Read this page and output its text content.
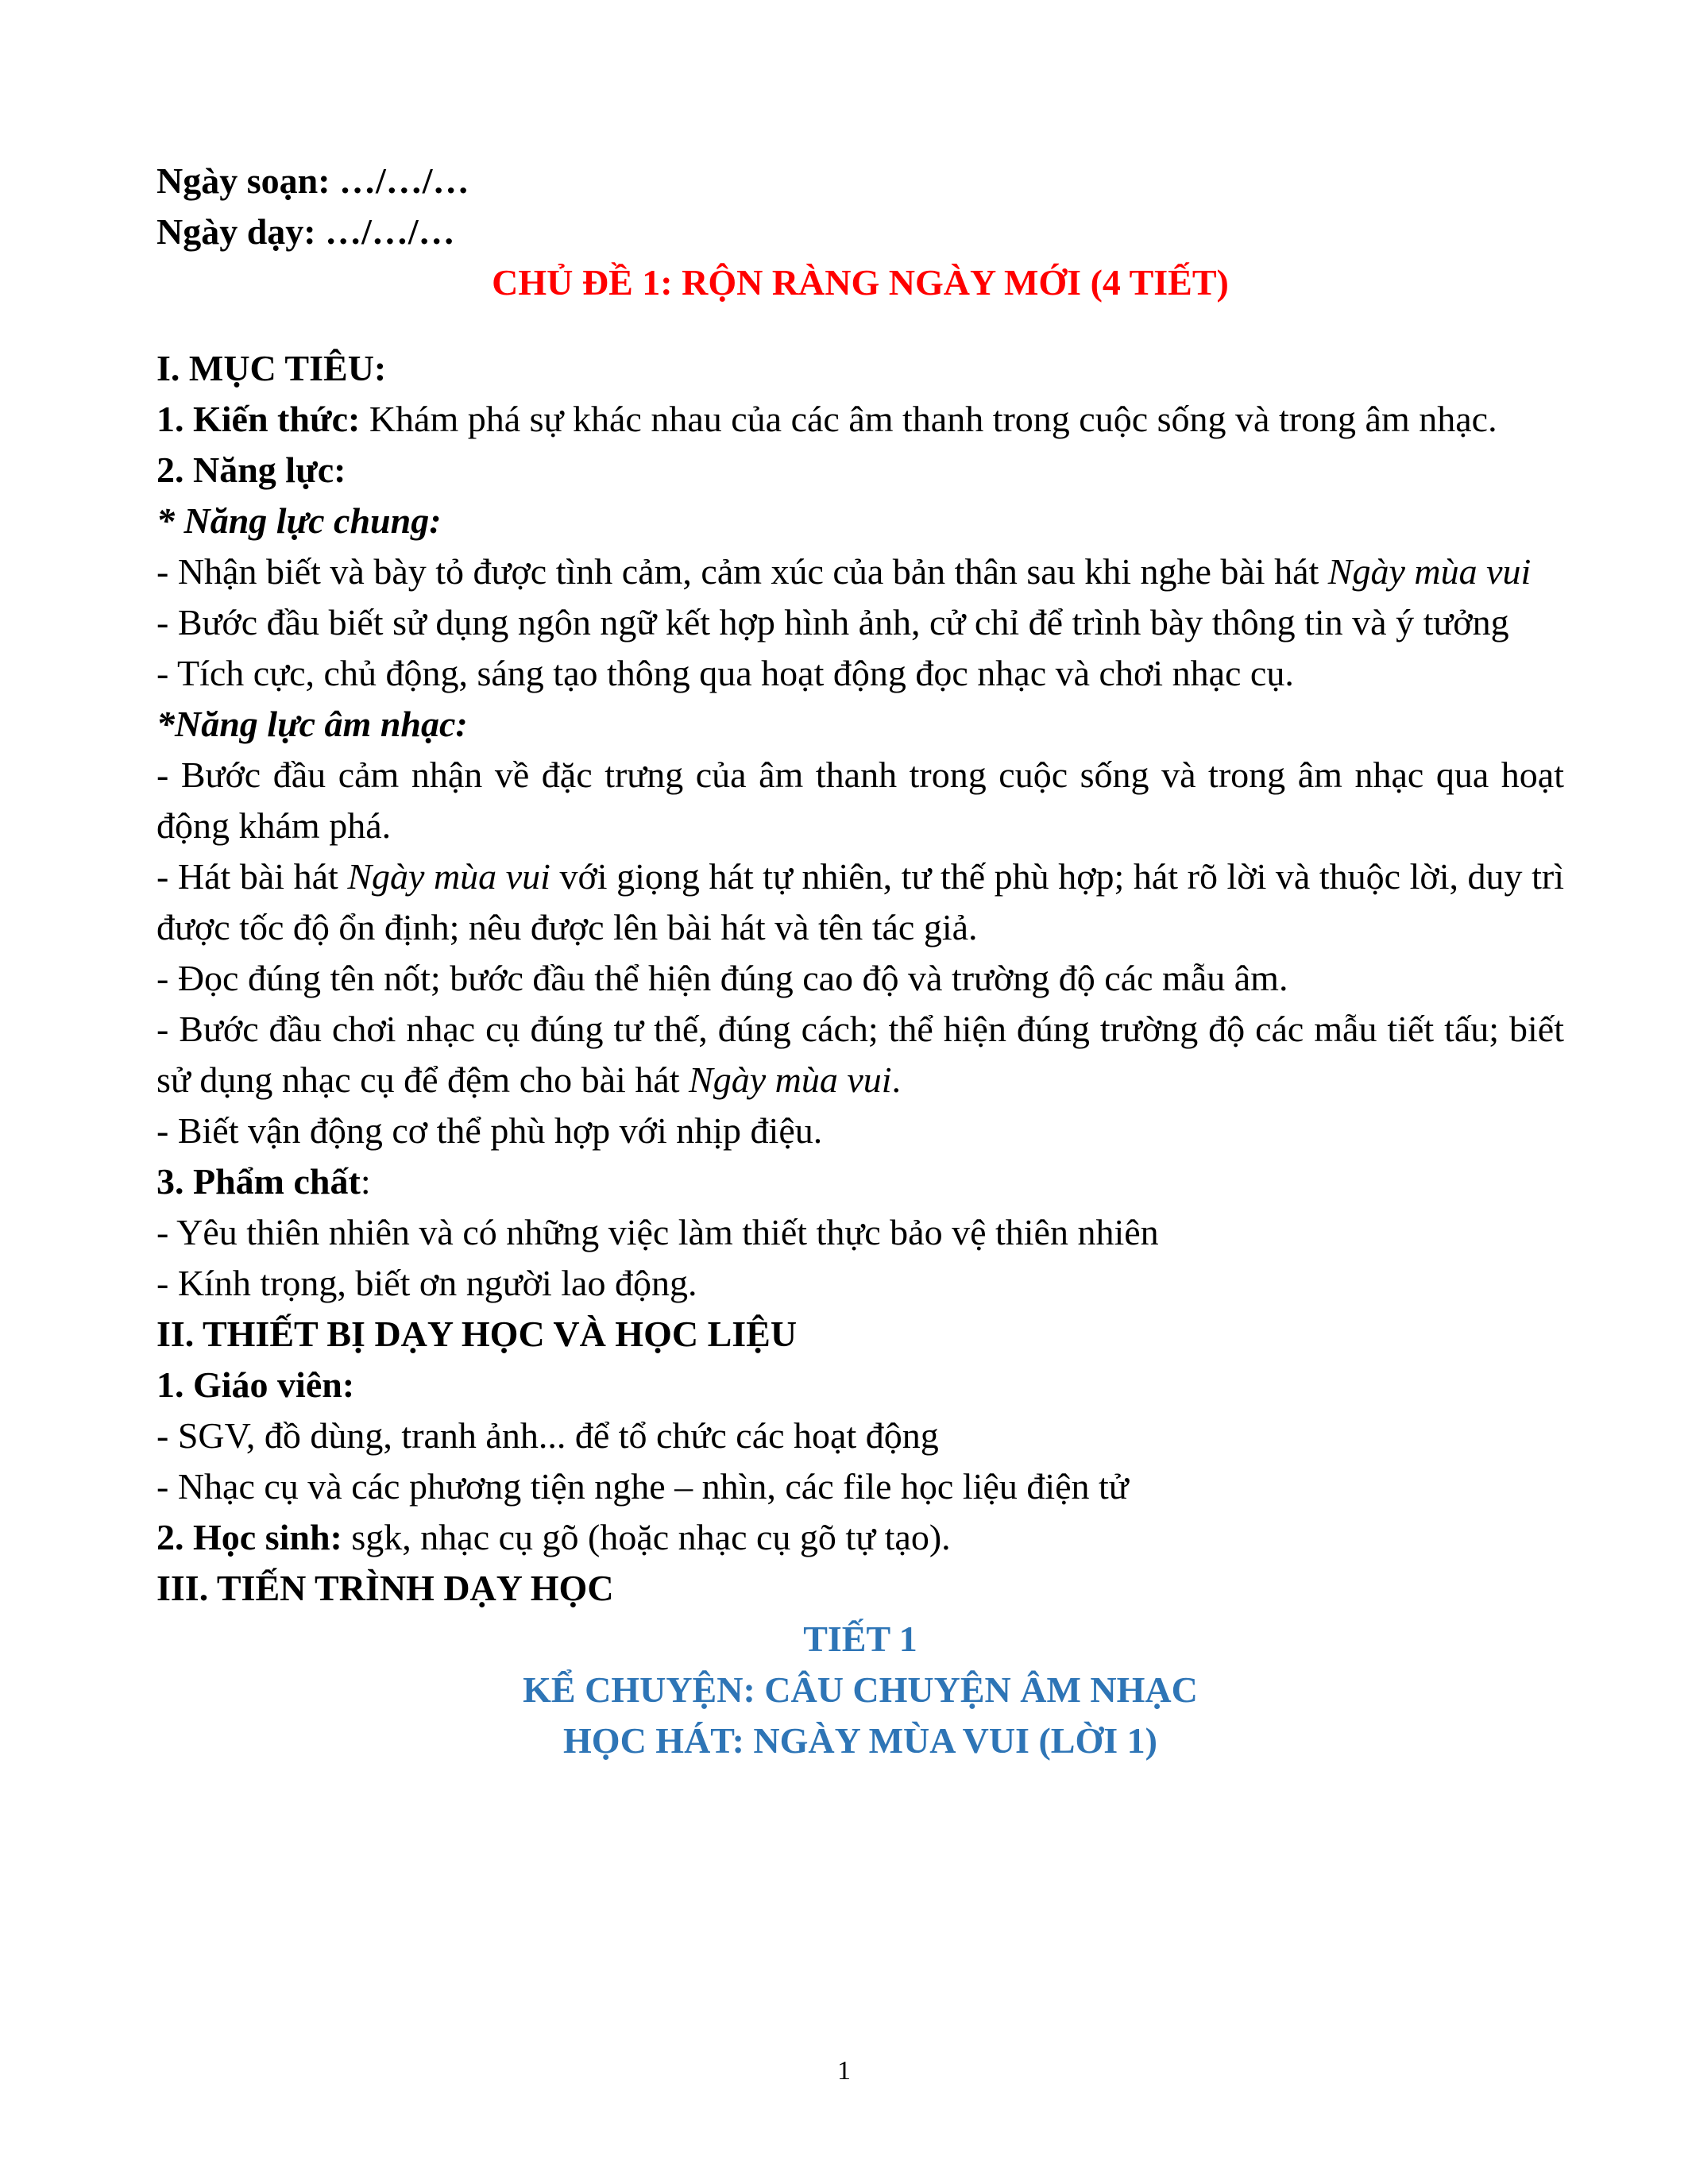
Ngày soạn: …/…/…

Ngày dạy: …/…/…

CHỦ ĐỀ 1: RỘN RÀNG NGÀY MỚI (4 TIẾT)

I. MỤC TIÊU:

1. Kiến thức: Khám phá sự khác nhau của các âm thanh trong cuộc sống và trong âm nhạc.

2. Năng lực:

* Năng lực chung:

- Nhận biết và bày tỏ được tình cảm, cảm xúc của bản thân sau khi nghe bài hát Ngày mùa vui

- Bước đầu biết sử dụng ngôn ngữ kết hợp hình ảnh, cử chỉ để trình bày thông tin và ý tưởng

- Tích cực, chủ động, sáng tạo thông qua hoạt động đọc nhạc và chơi nhạc cụ.

*Năng lực âm nhạc:

- Bước đầu cảm nhận về đặc trưng của âm thanh trong cuộc sống và trong âm nhạc qua hoạt động khám phá.

- Hát bài hát Ngày mùa vui với giọng hát tự nhiên, tư thế phù hợp; hát rõ lời và thuộc lời, duy trì được tốc độ ổn định; nêu được lên bài hát và tên tác giả.

- Đọc đúng tên nốt; bước đầu thể hiện đúng cao độ và trường độ các mẫu âm.

- Bước đầu chơi nhạc cụ đúng tư thế, đúng cách; thể hiện đúng trường độ các mẫu tiết tấu; biết sử dụng nhạc cụ để đệm cho bài hát Ngày mùa vui.

- Biết vận động cơ thể phù hợp với nhịp điệu.

3. Phẩm chất:

- Yêu thiên nhiên và có những việc làm thiết thực bảo vệ thiên nhiên

- Kính trọng, biết ơn người lao động.

II. THIẾT BỊ DẠY HỌC VÀ HỌC LIỆU

1. Giáo viên:

- SGV, đồ dùng, tranh ảnh... để tổ chức các hoạt động

- Nhạc cụ và các phương tiện nghe – nhìn, các file học liệu điện tử

2. Học sinh: sgk, nhạc cụ gõ (hoặc nhạc cụ gõ tự tạo).

III. TIẾN TRÌNH DẠY HỌC

TIẾT 1

KỂ CHUYỆN: CÂU CHUYỆN ÂM NHẠC

HỌC HÁT: NGÀY MÙA VUI (LỜI 1)

1
